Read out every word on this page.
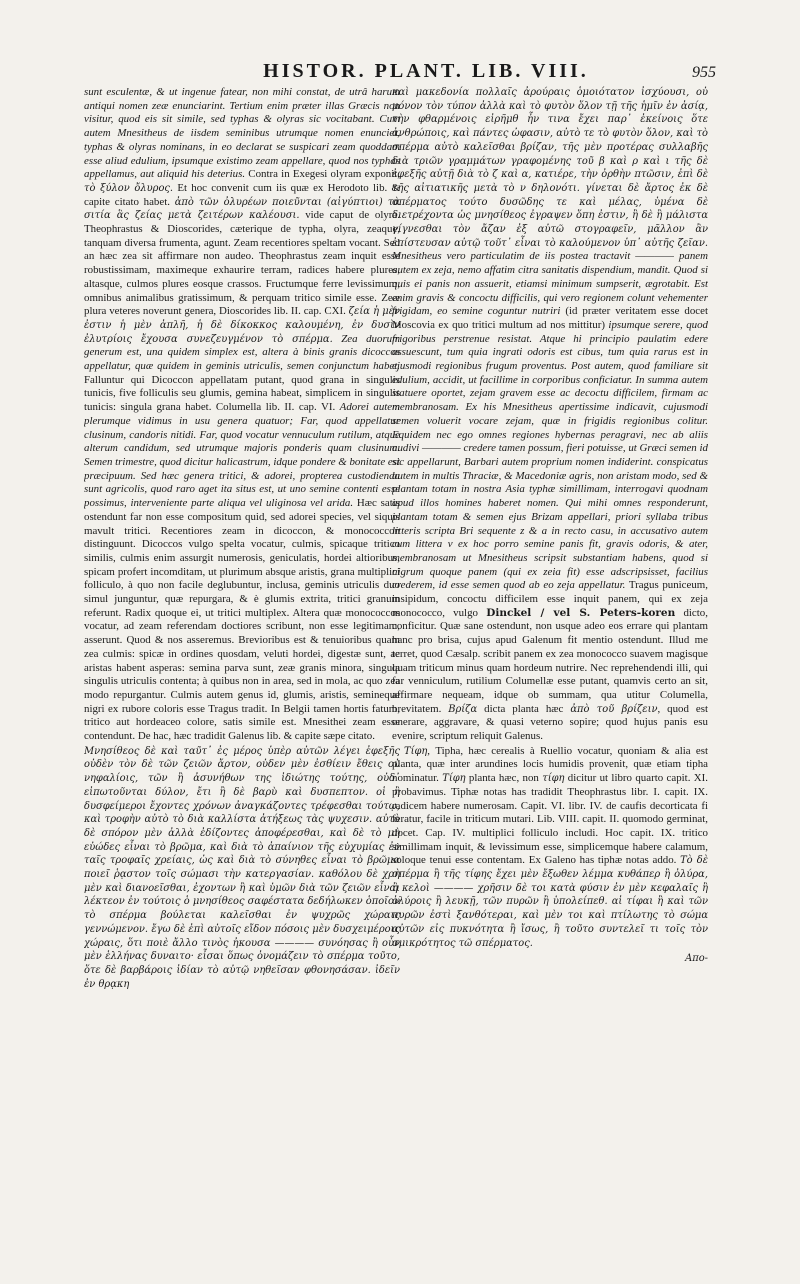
HISTOR. PLANT. LIB. VIII.	955

sunt esculentæ, & ut ingenue fatear, non mihi constat, de utrâ harum antiqui nomen zeæ enunciarint. Tertium enim præter illas Græcis non visitur, quod eis sit simile, sed typhas & olyras sic vocitabant. Cum autem Mnesitheus de iisdem seminibus utrumque nomen enunciet, typhas & olyras nominans, in eo declarat se suspicari zeam quoddam esse aliud edulium, ipsumque existimo zeam appellare, quod nos typhas appellamus, aut aliquid his deterius. Contra in Exegesi olyram exponit, τὸ ξύλον ὄλυρος. Et hoc convenit cum iis quæ ex Herodoto lib. & capite citato habet. ἀπὸ τῶν ὀλυρέων ποιεῦνται (αἰγύπτιοι) τὰ σιτία ἃς ζείας μετὰ ζειτέρων καλέουσι. vide caput de olyra. Theophrastus & Dioscorides, cæterique de typha, olyra, zeaque, tanquam diversa frumenta, agunt. Zeam recentiores speltam vocant. Sed an hæc zea sit affirmare non audeo. Theophrastus zeam inquit esse robustissimam, maximeque exhaurire terram, radices habere plures, altasque, culmos plures eosque crassos. Fructumque ferre levissimum, omnibus animalibus gratissimum, & perquam tritico simile esse. Zeæ plura veteres noverunt genera, Dioscorides lib. II. cap. CXI. ζεία ἡ μὲν ἐστιν ἡ μὲν ἁπλῆ, ἡ δὲ δίκοκκος καλουμένη, ἐν δυσὶν ἐλυτρίοις ἔχουσα συνεζευγμένον τὸ σπέρμα. Zea duorum generum est, una quidem simplex est, altera à binis granis dicoccos appellatur, quæ quidem in geminis utriculis, semen conjunctum habet. Falluntur qui Dicoccon appellatam putant, quod grana in singulis tunicis, five folliculis seu glumis, gemina habeat, simplicem in singulis tunicis: singula grana habet. Columella lib. II. cap. VI. Adorei autem plerumque vidimus in usu genera quatuor; Far, quod appellatur clusinum, candoris nitidi. Far, quod vocatur vennuculum rutilum, atque alterum candidum, sed utrumque majoris ponderis quam clusinum. Semen trimestre, quod dicitur halicastrum, idque pondere & bonitate est præcipuum. Sed hæc genera tritici, & adorei, propterea custodienda sunt agricolis, quod raro aget ita situs est, ut uno semine contenti esse possimus, interveniente parte aliqua vel uliginosa vel arida. Hæc satis ostendunt far non esse compositum quid, sed adorei species, vel siquis mavult tritici. Recentiores zeam in dicoccon, & monococcon distinguunt. Dicoccos vulgo spelta vocatur, culmis, spicaque tritico similis, culmis enim assurgit numerosis, geniculatis, hordei altioribus, spicam profert incomditam, ut plurimum absque aristis, grana multiplici folliculo, à quo non facile deglubuntur, inclusa, geminis utriculis duo simul junguntur, quæ repurgara, & è glumis extrita, tritici granum referunt. Radix quoque ei, ut tritici multiplex. Altera quæ monococcos vocatur, ad zeam referendam doctiores scribunt, non esse legitimam, asserunt. Quod & nos asseremus. Brevioribus est & tenuioribus quam zea culmis: spicæ in ordines quosdam, veluti hordei, digestæ sunt, ac aristas habent asperas: semina parva sunt, zeæ granis minora, singula singulis utriculis contenta; à quibus non in area, sed in mola, ac quo zea modo repurgantur. Culmis autem genus id, glumis, aristis, semineque nigri ex rubore coloris esse Tragus tradit. In Belgii tamen hortis fatum, tritico aut hordeaceo colore, satis simile est. Mnesithei zeam esse contendunt. De hac, hæc tradidit Galenus lib. & capite sæpe citato.

Μνησίθεος δὲ καὶ ταῦτ᾽ ἐς μέρος ὑπὲρ αὐτῶν λέγει ἐφεξῆς οὐδὲν τὸν δὲ τῶν ζειῶν ἄρτον, οὐδεν μὲν ἐσθίειν ἔθεις οὐ νηφαλίοις, τῶν ἢ ἀσυνήθων της ἰδιώτης τούτης, οὐδ᾽ εἰπωτοῦνται δύλον, ἔτι ἢ δὲ βαρὺ καὶ δυσπεπτον. οἱ ἢ δυσφείμεροι ἔχοντες χρόνων ἀναγκάζοντες τρέφεσθαι τούτῳ, καὶ τροφὴν αὐτὸ τὸ διὰ καλλίστα ἀτήξεως τὰς ψυχεσιν. αὐτὸ δὲ σπόρον μὲν ἀλλὰ ἐδίζοντες ἀποφέρεσθαι, καὶ δὲ τὸ μὴ εὐώδες εἶναι τὸ βρῶμα, καὶ διὰ τὸ ἀπαίνιον τῆς εὐχυμίας ἐν ταῖς τροφαῖς χρείαις, ὡς καὶ διὰ τὸ σύνηθες εἶναι τὸ βρῶμα ποιεῖ ῥᾳστον τοῖς σώμασι τὴν κατεργασίαν. καθόλου δὲ χρὴ μὲν καὶ διανοεῖσθαι, ἐχοντων ἢ καὶ ὑμῶν διὰ τῶν ζειῶν εἶναι λέκτεον ἐν τούτοις ὁ μνησίθεος σαφέστατα δεδήλωκεν ὁποῖον τὸ σπέρμα βούλεται καλεῖσθαι ἐν ψυχρῶς χώραις γεννώμενον. ἔγω δὲ ἐπὶ αὐτοῖς εἴδον πόσοις μὲν δυσχειμέροις χώραις, ὅτι ποιὲ ἄλλο τινὸς ἠκουσα ———— συνόησας ἢ οὖν μὲν ἑλλήνας δυναιτο· εἶσαι ὅπως ὀνομάζειν τὸ σπέρμα τοῦτο, ὅτε δὲ βαρβάροις ἰδίαν τὸ αὐτῷ νηθεῖσαν φθονησάσαν. ἰδεῖν ἐν θρᾳκη

καὶ μακεδονία πολλαῖς ἀρούραις ὁμοιότατον ἰσχύουσι, οὐ μόνον τὸν τύπον ἀλλὰ καὶ τὸ φυτὸν ὅλον τῇ τῆς ἡμῖν ἐν ἀσίᾳ, τὴν φθαρμένοις εἰρῆμθ ἦν τινα ἔχει παρ᾽ ἐκείνοις ὅτε ἀνθρώποις, καὶ πάντες ὠφασιν, αὐτὸ τε τὸ φυτὸν ὅλον, καὶ τὸ σπέρμα αὐτὸ καλεῖσθαι βρίζαν, τῆς μὲν προτέρας συλλαβῆς διὰ τριῶν γραμμάτων γραφομένης τοῦ β καὶ ρ καὶ ι τῆς δὲ ἐφεξῆς αὐτῇ διὰ τὸ ζ καὶ α, κατιέρε, τὴν ὀρθὴν πτῶσιν, ἐπὶ δὲ τῆς αἰτιατικῆς μετὰ τὸ ν δηλονότι. γίνεται δὲ ἄρτος ἐκ δὲ σπέρματος τούτο δυσῶδης τε καὶ μέλας, ὑμένα δὲ διετρέχοντα ὡς μνησίθεος ἐγραψεν ὅπη ἐστιν, ἢ δὲ ἢ μάλιστα γίγνεσθαι τὸν ἄζαν ἐξ αὐτῶ στογραφεῖν, μᾶλλον ἂν ἐπίστευσαν αὐτῷ τοῦτ᾽ εἶναι τὸ καλούμενον ὑπ᾽ αὐτῆς ζεῖαν. Mnesitheus vero particulatim de iis postea tractavit ———— panem autem ex zeja, nemo affatim citra sanitatis dispendium, mandit. Quod si quis ei panis non assuerit, etiamsi minimum sumpserit, ægrotabit. Est enim gravis & concoctu difficilis, qui vero regionem colunt vehementer frigidam, eo semine coguntur nutriri (id præter veritatem esse docet Moscovia ex quo tritici multum ad nos mittitur) ipsumque serere, quod frigoribus perstrenue resistat. Atque hi principio paulatim edere assuescunt, tum quia ingrati odoris est cibus, tum quia rarus est in ejusmodi regionibus frugum proventus. Post autem, quod familiare sit edulium, accidit, ut facillime in corporibus conficiatur. In summa autem statuere oportet, zejam gravem esse ac decoctu difficilem, firmam ac membranosam. Ex his Mnesitheus apertissime indicavit, cujusmodi semen voluerit vocare zejam, quæ in frigidis regionibus colitur. Equidem nec ego omnes regiones hybernas peragravi, nec ab aliis audivi ———— credere tamen possum, fieri potuisse, ut Græci semen id sic appellarunt, Barbari autem proprium nomen indiderint. conspicatus autem in multis Thraciæ, & Macedoniæ agris, non aristam modo, sed & plantam totam in nostra Asia typhæ simillimam, interrogavi quodnam apud illos homines haberet nomen. Qui mihi omnes responderunt, plantam totam & semen ejus Brizam appellari, priori syllaba tribus litteris scripta Bri sequente z & a in recto casu, in accusativo autem cum littera v ex hoc porro semine panis fit, gravis odoris, & ater, membranosam ut Mnesitheus scripsit substantiam habens, quod si nigrum quoque panem (qui ex zeia fit) esse adscripsisset, facilius crederem, id esse semen quod ab eo zeja appellatur. Tragus puniceum, insipidum, concoctu difficilem esse inquit panem, qui ex zeja monococco, vulgo Dinckel / vel S. Peters-koren dicto, conficitur. Quæ sane ostendunt, non usque adeo eos errare qui plantam hanc pro brisa, cujus apud Galenum fit mentio ostendunt. Illud me terret, quod Cæsalp. scribit panem ex zea monococco suavem magisque quam triticum minus quam hordeum nutrire. Nec reprehendendi illi, qui far venniculum, rutilium Columellæ esse putant, quamvis certo an sit, affirmare nequeam, idque ob summam, qua utitur Columella, brevitatem. Βρίζα dicta planta hæc ἀπὸ τοῦ βρίζειν, quod est onerare, aggravare, & quasi veterno sopire; quod hujus panis esu evenire, scriptum reliquit Galenus.

Τίφη, Tipha, hæc cerealis à Ruellio vocatur, quoniam & alia est planta, quæ inter arundines locis humidis provenit, quæ etiam tipha nominatur. Τίφη planta hæc, non τίφη dicitur ut libro quarto capit. XI. probavimus. Tiphæ notas has tradidit Theophrastus libr. I. capit. IX. radicem habere numerosam. Capit. VI. libr. IV. de caufis decorticata fi feratur, facile in triticum mutari. Lib. VIII. capit. II. quomodo germinat, docet. Cap. IV. multiplici folliculo includi. Hoc capit. IX. tritico simillimam inquit, & levissimum esse, simplicemque habere calamum, soloque tenui esse contentam. Ex Galeno has tiphæ notas addo. Τὸ δὲ σπέρμα ἢ τῆς τίφης ἔχει μὲν ἔξωθεν λέμμα κυθάπερ ἢ ὀλύρα, ἢ κελοὶ ———— χρῆσιν δὲ τοι κατὰ φύσιν ἐν μὲν κεφαλαῖς ἢ ὀλύροις ἢ λευκῇ, τῶν πυρῶν ἢ ὑπολείπεθ. αἱ τίφαι ἢ καὶ τῶν πυρῶν ἐστὶ ξανθότεραι, καὶ μὲν τοι καὶ πτίλωτης τὸ σώμα αὐτῶν εἰς πυκνότητα ἢ ἴσως, ἢ τοῦτο συντελεῖ τι τοῖς τὸν σμικρότητος τῶ σπέρματος.

Απο-
